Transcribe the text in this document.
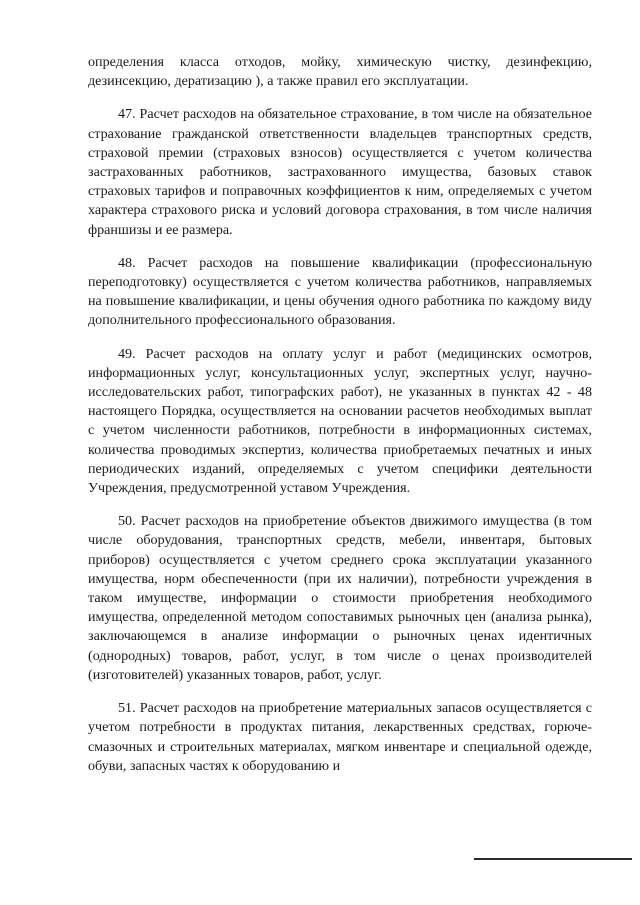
определения класса отходов, мойку, химическую чистку, дезинфекцию, дезинсекцию, дератизацию ), а также правил его эксплуатации.

47. Расчет расходов на обязательное страхование, в том числе на обязательное страхование гражданской ответственности владельцев транспортных средств, страховой премии (страховых взносов) осуществляется с учетом количества застрахованных работников, застрахованного имущества, базовых ставок страховых тарифов и поправочных коэффициентов к ним, определяемых с учетом характера страхового риска и условий договора страхования, в том числе наличия франшизы и ее размера.

48. Расчет расходов на повышение квалификации (профессиональную переподготовку) осуществляется с учетом количества работников, направляемых на повышение квалификации, и цены обучения одного работника по каждому виду дополнительного профессионального образования.

49. Расчет расходов на оплату услуг и работ (медицинских осмотров, информационных услуг, консультационных услуг, экспертных услуг, научно-исследовательских работ, типографских работ), не указанных в пунктах 42 - 48 настоящего Порядка, осуществляется на основании расчетов необходимых выплат с учетом численности работников, потребности в информационных системах, количества проводимых экспертиз, количества приобретаемых печатных и иных периодических изданий, определяемых с учетом специфики деятельности Учреждения, предусмотренной уставом Учреждения.

50. Расчет расходов на приобретение объектов движимого имущества (в том числе оборудования, транспортных средств, мебели, инвентаря, бытовых приборов) осуществляется с учетом среднего срока эксплуатации указанного имущества, норм обеспеченности (при их наличии), потребности учреждения в таком имуществе, информации о стоимости приобретения необходимого имущества, определенной методом сопоставимых рыночных цен (анализа рынка), заключающемся в анализе информации о рыночных ценах идентичных (однородных) товаров, работ, услуг, в том числе о ценах производителей (изготовителей) указанных товаров, работ, услуг.

51. Расчет расходов на приобретение материальных запасов осуществляется с учетом потребности в продуктах питания, лекарственных средствах, горюче-смазочных и строительных материалах, мягком инвентаре и специальной одежде, обуви, запасных частях к оборудованию и
